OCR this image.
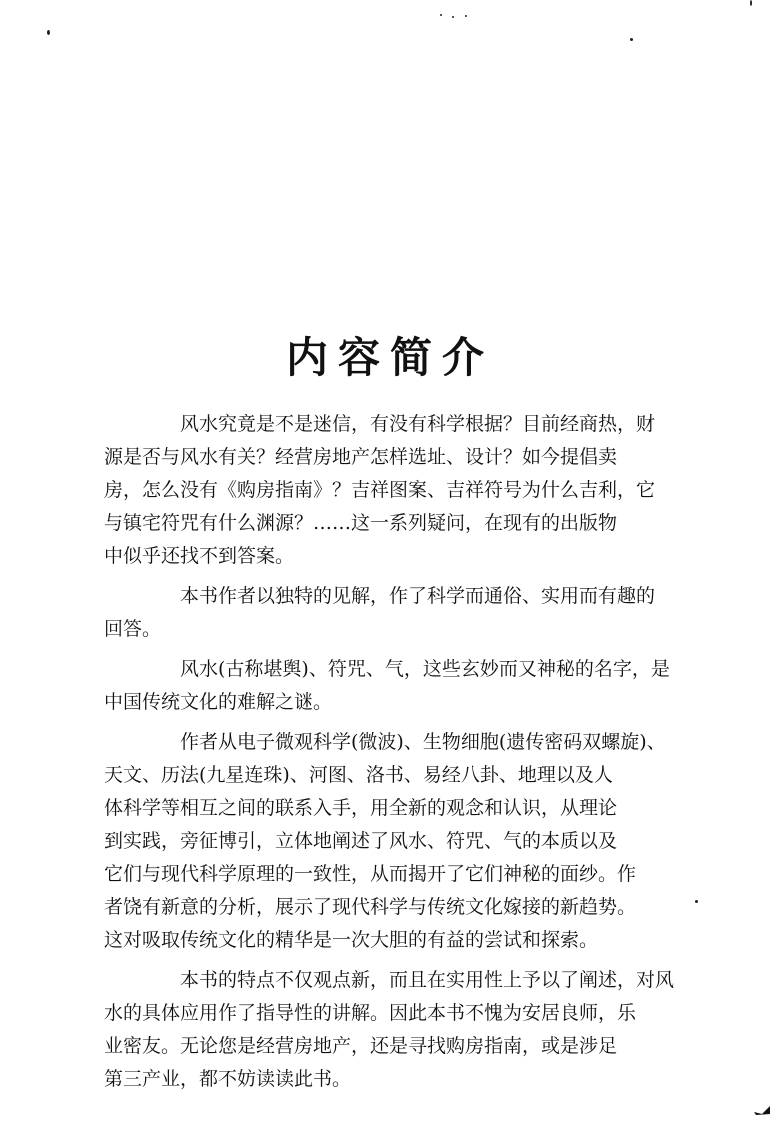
内容简介

风水究竟是不是迷信，有没有科学根据？目前经商热，财
源是否与风水有关？经营房地产怎样选址、设计？如今提倡卖
房，怎么没有《购房指南》？吉祥图案、吉祥符号为什么吉利，它
与镇宅符咒有什么渊源？……这一系列疑问，在现有的出版物
中似乎还找不到答案。

本书作者以独特的见解，作了科学而通俗、实用而有趣的
回答。

风水(古称堪舆)、符咒、气，这些玄妙而又神秘的名字，是
中国传统文化的难解之谜。

作者从电子微观科学(微波)、生物细胞(遗传密码双螺旋)、
天文、历法(九星连珠)、河图、洛书、易经八卦、地理以及人
体科学等相互之间的联系入手，用全新的观念和认识，从理论
到实践，旁征博引，立体地阐述了风水、符咒、气的本质以及
它们与现代科学原理的一致性，从而揭开了它们神秘的面纱。作
者饶有新意的分析，展示了现代科学与传统文化嫁接的新趋势。
这对吸取传统文化的精华是一次大胆的有益的尝试和探索。

本书的特点不仅观点新，而且在实用性上予以了阐述，对风
水的具体应用作了指导性的讲解。因此本书不愧为安居良师，乐
业密友。无论您是经营房地产，还是寻找购房指南，或是涉足
第三产业，都不妨读读此书。
